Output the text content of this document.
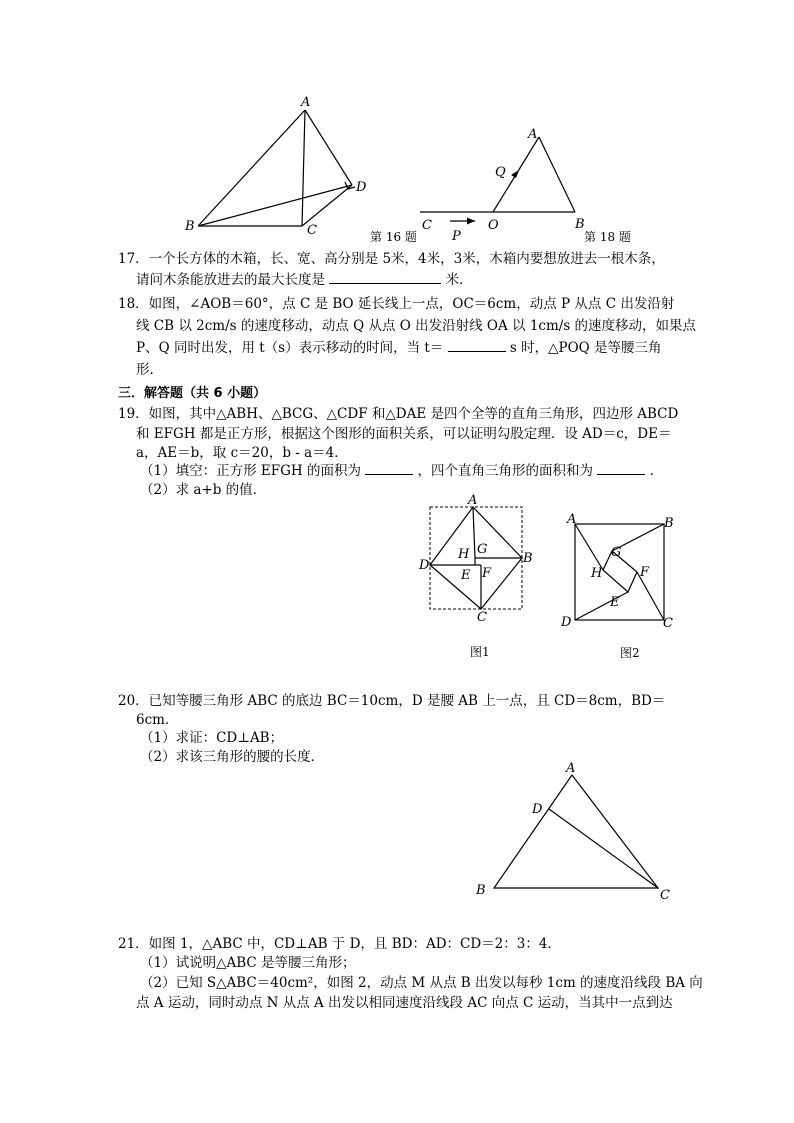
A
B	C
D
第 16 题
A
B
C	O
P
Q
第 18 题
17．一个长方体的木箱，长、宽、高分别是 5米，4米，3米，木箱内要想放进去一根木条，
请问木条能放进去的最大长度是	米.
18．如图，∠AOB＝60°，点 C 是 BO 延长线上一点，OC＝6cm，动点 P 从点 C 出发沿射
线 CB 以 2cm/s 的速度移动，动点 Q 从点 O 出发沿射线 OA 以 1cm/s 的速度移动，如果点
P、Q 同时出发，用 t（s）表示移动的时间，当 t＝	s 时，△POQ 是等腰三角
形.
三．解答题（共 6 小题）
19．如图，其中△ABH、△BCG、△CDF 和△DAE 是四个全等的直角三角形，四边形 ABCD
和 EFGH 都是正方形，根据这个图形的面积关系，可以证明勾股定理．设 AD＝c，DE＝
a，AE＝b，取 c＝20，b - a＝4．
（1）填空：正方形 EFGH 的面积为	，四个直角三角形的面积和为	．
（2）求 a+b 的值．
A
B
C
D
E F
G
H
图1
A	B
C
D
E
F
G
H
图2
20．已知等腰三角形 ABC 的底边 BC＝10cm，D 是腰 AB 上一点，且 CD＝8cm，BD＝
6cm．
（1）求证：CD⊥AB；
（2）求该三角形的腰的长度．
A
B	C
D
21．如图 1，△ABC 中，CD⊥AB 于 D，且 BD：AD：CD＝2：3：4．
（1）试说明△ABC 是等腰三角形；
（2）已知 S△ABC＝40cm²，如图 2，动点 M 从点 B 出发以每秒 1cm 的速度沿线段 BA 向
点 A 运动，同时动点 N 从点 A 出发以相同速度沿线段 AC 向点 C 运动，当其中一点到达
